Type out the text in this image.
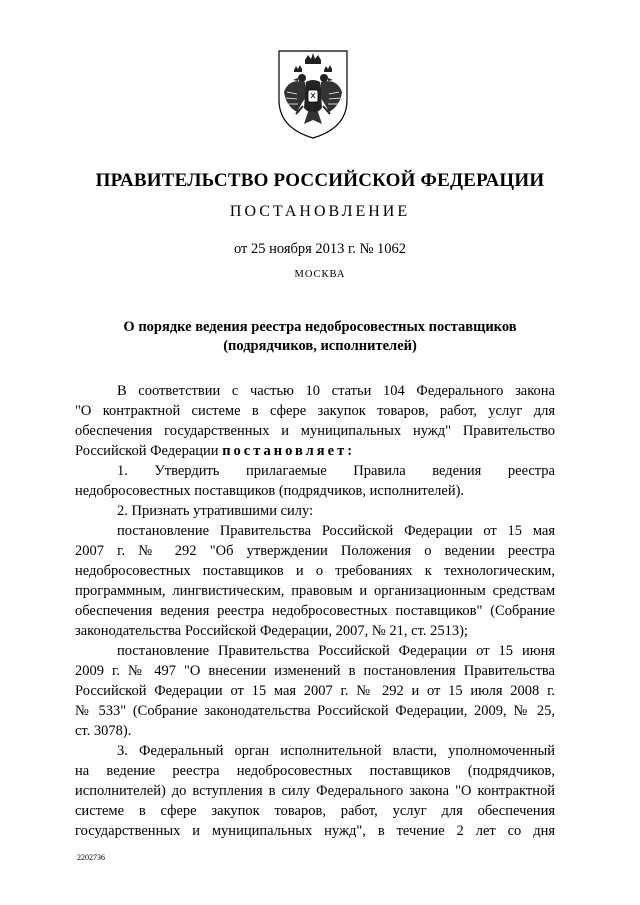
ПРАВИТЕЛЬСТВО РОССИЙСКОЙ ФЕДЕРАЦИИ
ПОСТАНОВЛЕНИЕ
от 25 ноября 2013 г. № 1062
МОСКВА
О порядке ведения реестра недобросовестных поставщиков
(подрядчиков, исполнителей)

В соответствии с частью 10 статьи 104 Федерального закона

"О контрактной системе в сфере закупок товаров, работ, услуг для

обеспечения государственных и муниципальных нужд" Правительство

Российской Федерации постановляет:

1. Утвердить прилагаемые Правила ведения реестра

недобросовестных поставщиков (подрядчиков, исполнителей).

2. Признать утратившими силу:

постановление Правительства Российской Федерации от 15 мая

2007 г. № 292 "Об утверждении Положения о ведении реестра

недобросовестных поставщиков и о требованиях к технологическим,

программным, лингвистическим, правовым и организационным средствам

обеспечения ведения реестра недобросовестных поставщиков" (Собрание

законодательства Российской Федерации, 2007, № 21, ст. 2513);

постановление Правительства Российской Федерации от 15 июня

2009 г. № 497 "О внесении изменений в постановления Правительства

Российской Федерации от 15 мая 2007 г. № 292 и от 15 июля 2008 г.

№ 533" (Собрание законодательства Российской Федерации, 2009, № 25,

ст. 3078).

3. Федеральный орган исполнительной власти, уполномоченный

на ведение реестра недобросовестных поставщиков (подрядчиков,

исполнителей) до вступления в силу Федерального закона "О контрактной

системе в сфере закупок товаров, работ, услуг для обеспечения

государственных и муниципальных нужд", в течение 2 лет со дня

2202736
